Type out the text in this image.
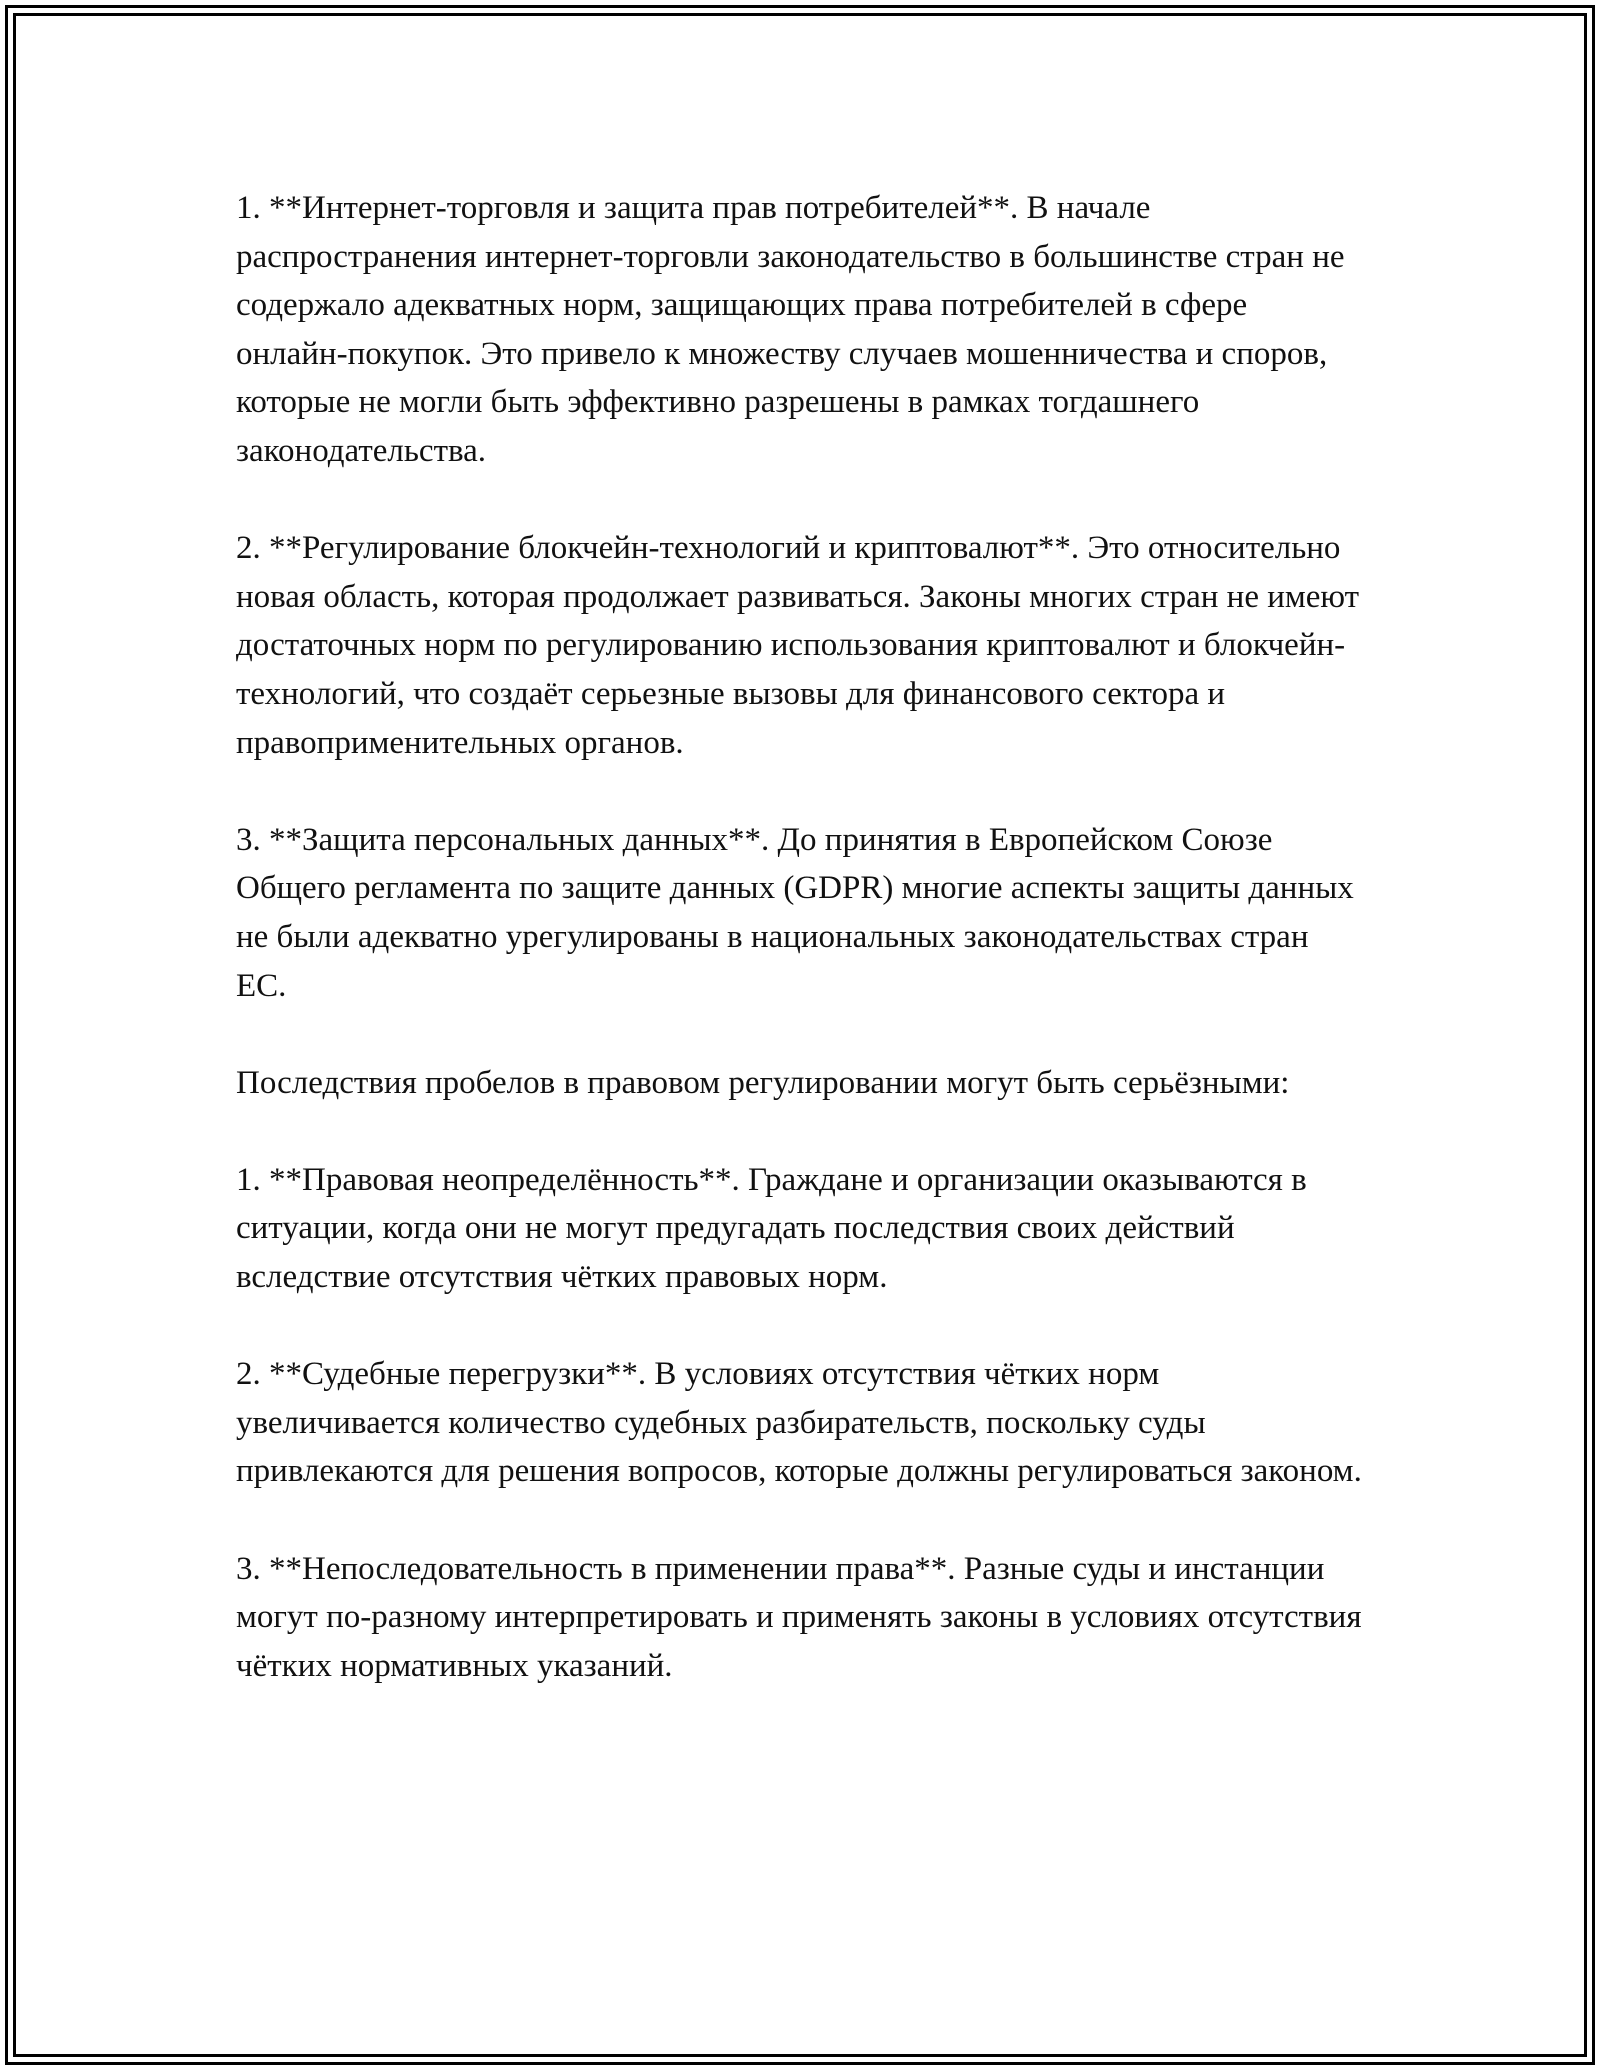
1. **Интернет-торговля и защита прав потребителей**. В начале распространения интернет-торговли законодательство в большинстве стран не содержало адекватных норм, защищающих права потребителей в сфере онлайн-покупок. Это привело к множеству случаев мошенничества и споров, которые не могли быть эффективно разрешены в рамках тогдашнего законодательства.

2. **Регулирование блокчейн-технологий и криптовалют**. Это относительно новая область, которая продолжает развиваться. Законы многих стран не имеют достаточных норм по регулированию использования криптовалют и блокчейн-технологий, что создаёт серьезные вызовы для финансового сектора и правоприменительных органов.

3. **Защита персональных данных**. До принятия в Европейском Союзе Общего регламента по защите данных (GDPR) многие аспекты защиты данных не были адекватно урегулированы в национальных законодательствах стран ЕС.

Последствия пробелов в правовом регулировании могут быть серьёзными:

1. **Правовая неопределённость**. Граждане и организации оказываются в ситуации, когда они не могут предугадать последствия своих действий вследствие отсутствия чётких правовых норм.

2. **Судебные перегрузки**. В условиях отсутствия чётких норм увеличивается количество судебных разбирательств, поскольку суды привлекаются для решения вопросов, которые должны регулироваться законом.

3. **Непоследовательность в применении права**. Разные суды и инстанции могут по-разному интерпретировать и применять законы в условиях отсутствия чётких нормативных указаний.
